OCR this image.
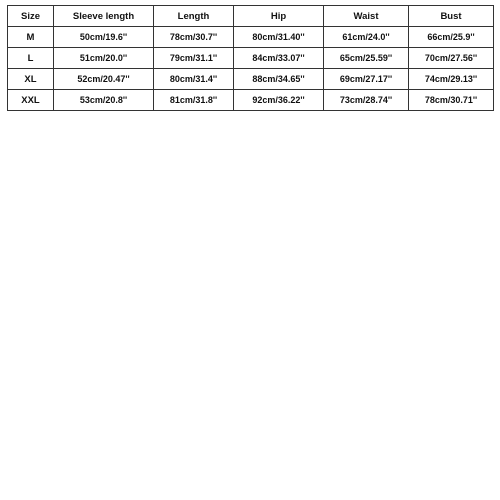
Size	Sleeve length	Length	Hip	Waist	Bust
M	50cm/19.6''	78cm/30.7''	80cm/31.40''	61cm/24.0''	66cm/25.9''
L	51cm/20.0''	79cm/31.1''	84cm/33.07''	65cm/25.59''	70cm/27.56''
XL	52cm/20.47''	80cm/31.4''	88cm/34.65''	69cm/27.17''	74cm/29.13''
XXL	53cm/20.8''	81cm/31.8''	92cm/36.22''	73cm/28.74''	78cm/30.71''
